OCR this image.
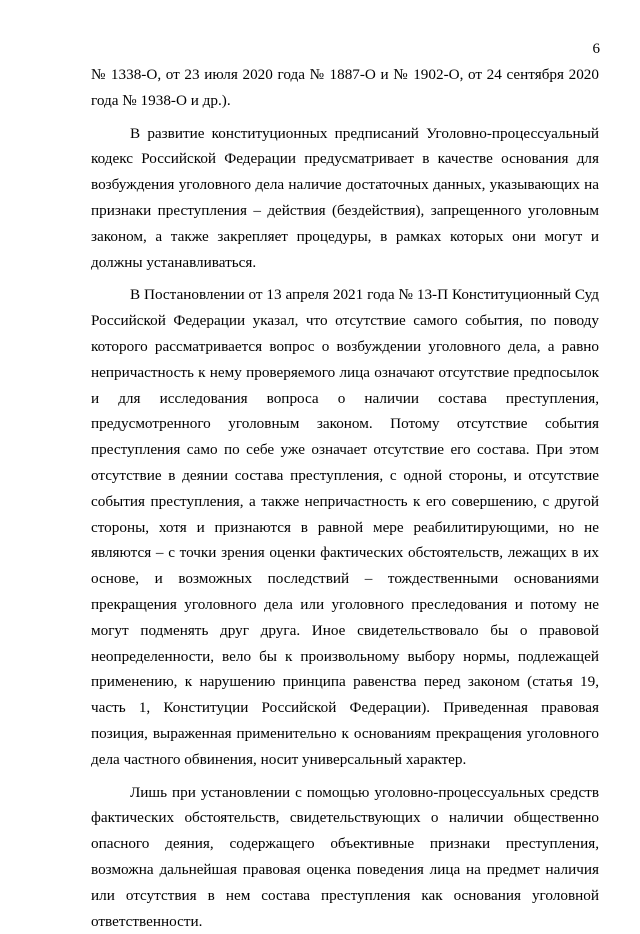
6

№ 1338-О, от 23 июля 2020 года № 1887-О и № 1902-О, от 24 сентября 2020 года № 1938-О и др.).

В развитие конституционных предписаний Уголовно-процессуальный кодекс Российской Федерации предусматривает в качестве основания для возбуждения уголовного дела наличие достаточных данных, указывающих на признаки преступления – действия (бездействия), запрещенного уголовным законом, а также закрепляет процедуры, в рамках которых они могут и должны устанавливаться.

В Постановлении от 13 апреля 2021 года № 13-П Конституционный Суд Российской Федерации указал, что отсутствие самого события, по поводу которого рассматривается вопрос о возбуждении уголовного дела, а равно непричастность к нему проверяемого лица означают отсутствие предпосылок и для исследования вопроса о наличии состава преступления, предусмотренного уголовным законом. Потому отсутствие события преступления само по себе уже означает отсутствие его состава. При этом отсутствие в деянии состава преступления, с одной стороны, и отсутствие события преступления, а также непричастность к его совершению, с другой стороны, хотя и признаются в равной мере реабилитирующими, но не являются – с точки зрения оценки фактических обстоятельств, лежащих в их основе, и возможных последствий – тождественными основаниями прекращения уголовного дела или уголовного преследования и потому не могут подменять друг друга. Иное свидетельствовало бы о правовой неопределенности, вело бы к произвольному выбору нормы, подлежащей применению, к нарушению принципа равенства перед законом (статья 19, часть 1, Конституции Российской Федерации). Приведенная правовая позиция, выраженная применительно к основаниям прекращения уголовного дела частного обвинения, носит универсальный характер.

Лишь при установлении с помощью уголовно-процессуальных средств фактических обстоятельств, свидетельствующих о наличии общественно опасного деяния, содержащего объективные признаки преступления, возможна дальнейшая правовая оценка поведения лица на предмет наличия или отсутствия в нем состава преступления как основания уголовной ответственности.
